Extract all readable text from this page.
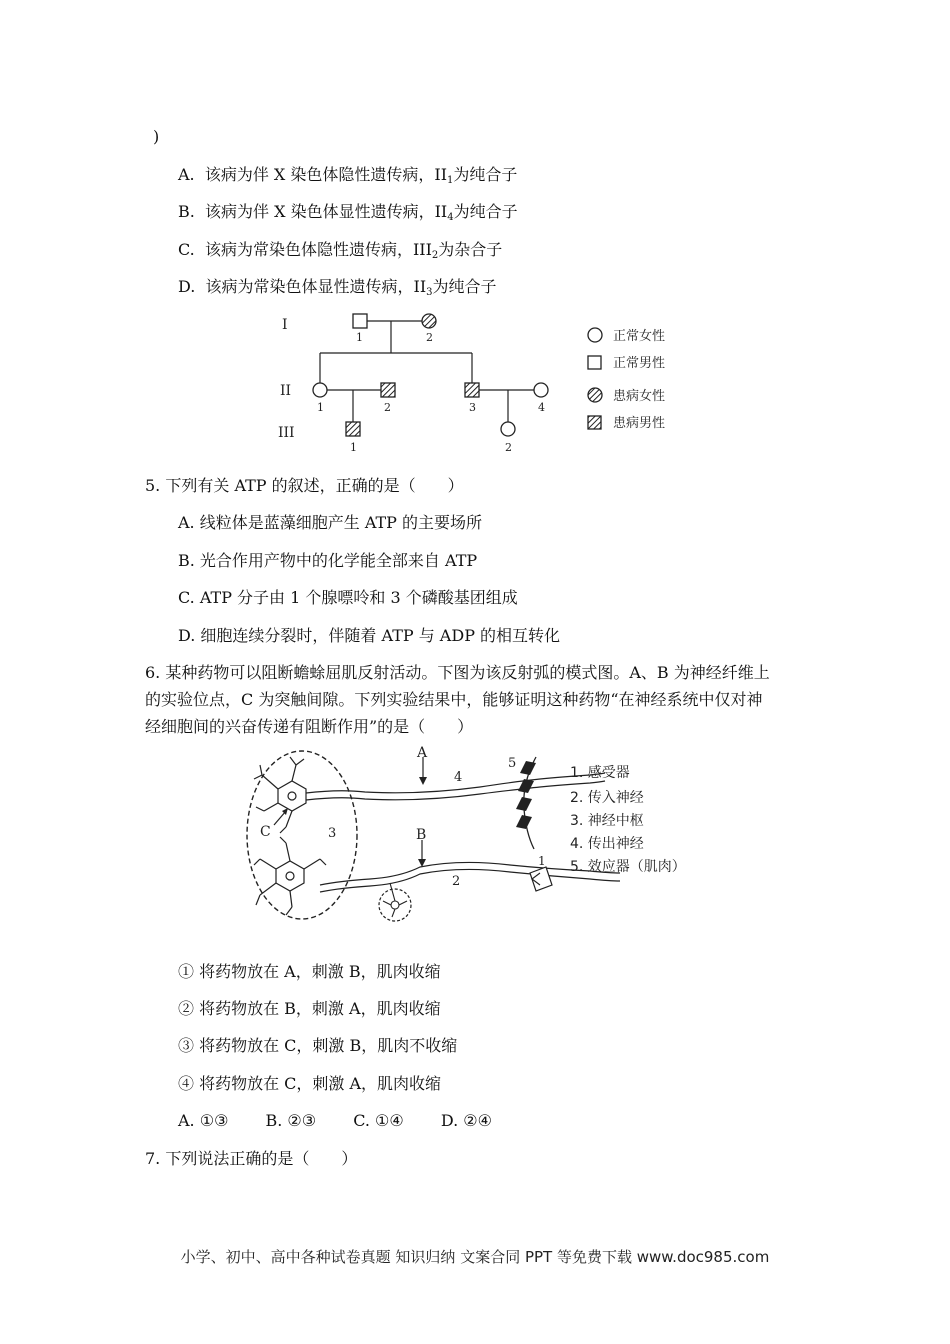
)
A. 该病为伴 X 染色体隐性遗传病，$II_1$为纯合子
B. 该病为伴 X 染色体显性遗传病，$II_4$为纯合子
C. 该病为常染色体隐性遗传病，$III_2$为杂合子
D. 该病为常染色体显性遗传病，$II_3$为纯合子
I
II
III
1	2
1	2	3	4
1	2
正常女性
正常男性
患病女性
患病男性
5. 下列有关 ATP 的叙述，正确的是（　　）
A. 线粒体是蓝藻细胞产生 ATP 的主要场所
B. 光合作用产物中的化学能全部来自 ATP
C. ATP 分子由 1 个腺嘌呤和 3 个磷酸基团组成
D. 细胞连续分裂时，伴随着 ATP 与 ADP 的相互转化
6. 某种药物可以阻断蟾蜍屈肌反射活动。下图为该反射弧的模式图。A、B 为神经纤维上
的实验位点，C 为突触间隙。下列实验结果中，能够证明这种药物“在神经系统中仅对神
经细胞间的兴奋传递有阻断作用”的是（　　）
A
B
C
1
2
3
4
5
1. 感受器
2. 传入神经
3. 神经中枢
4. 传出神经
5. 效应器（肌肉）
① 将药物放在 A，刺激 B，肌肉收缩
② 将药物放在 B，刺激 A，肌肉收缩
③ 将药物放在 C，刺激 B，肌肉不收缩
④ 将药物放在 C，刺激 A，肌肉收缩
A. ①③　　 B. ②③　　 C. ①④　　 D. ②④
7. 下列说法正确的是（　　）
小学、初中、高中各种试卷真题 知识归纳 文案合同 PPT 等免费下载 www.doc985.com
